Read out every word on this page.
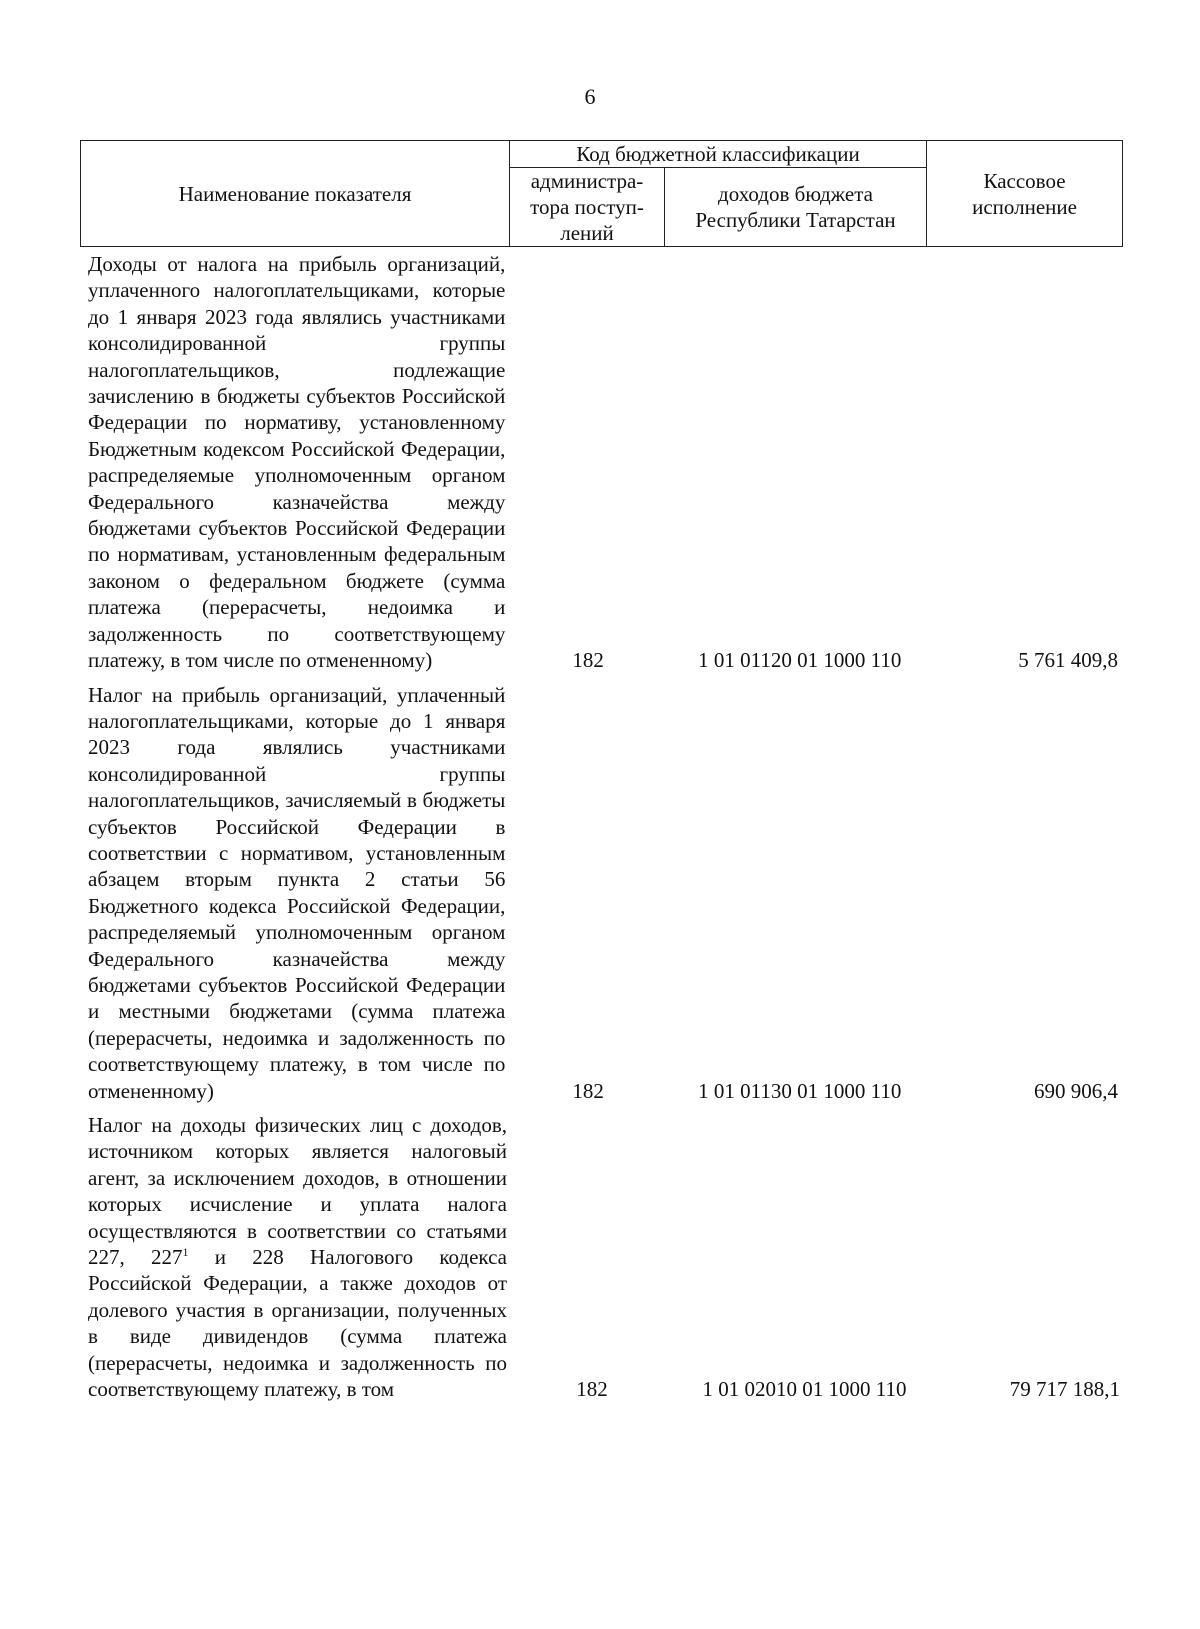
6
Наименование показателя	Код бюджетной классификации		Кассовое
исполнение
	администра-
тора поступ-
лений	доходов бюджета
Республики Татарстан	
Доходы от налога на прибыль организаций, уплаченного налогоплательщиками, которые до 1 января 2023 года являлись участниками консолидированной группы налогоплательщиков, подлежащие зачислению в бюджеты субъектов Российской Федерации по нормативу, установленному Бюджетным кодексом Российской Федерации, распределяемые уполномоченным органом Федерального казначейства между бюджетами субъектов Российской Федерации по нормативам, установленным федеральным законом о федеральном бюджете (сумма платежа (перерасчеты, недоимка и задолженность по соответствующему платежу, в том числе по отмененному)	182	1 01 01120 01 1000 110	5 761 409,8
Налог на прибыль организаций, уплаченный налогоплательщиками, которые до 1 января 2023 года являлись участниками консолидированной группы налогоплательщиков, зачисляемый в бюджеты субъектов Российской Федерации в соответствии с нормативом, установленным абзацем вторым пункта 2 статьи 56 Бюджетного кодекса Российской Федерации, распределяемый уполномоченным органом Федерального казначейства между бюджетами субъектов Российской Федерации и местными бюджетами (сумма платежа (перерасчеты, недоимка и задолженность по соответствующему платежу, в том числе по отмененному)	182	1 01 01130 01 1000 110	690 906,4
Налог на доходы физических лиц с доходов, источником которых является налоговый агент, за исключением доходов, в отношении которых исчисление и уплата налога осуществляются в соответствии со статьями 227, $227^1$ и 228 Налогового кодекса Российской Федерации, а также доходов от долевого участия в организации, полученных в виде дивидендов (сумма платежа (перерасчеты, недоимка и задолженность по соответствующему платежу, в том	182	1 01 02010 01 1000 110	79 717 188,1
